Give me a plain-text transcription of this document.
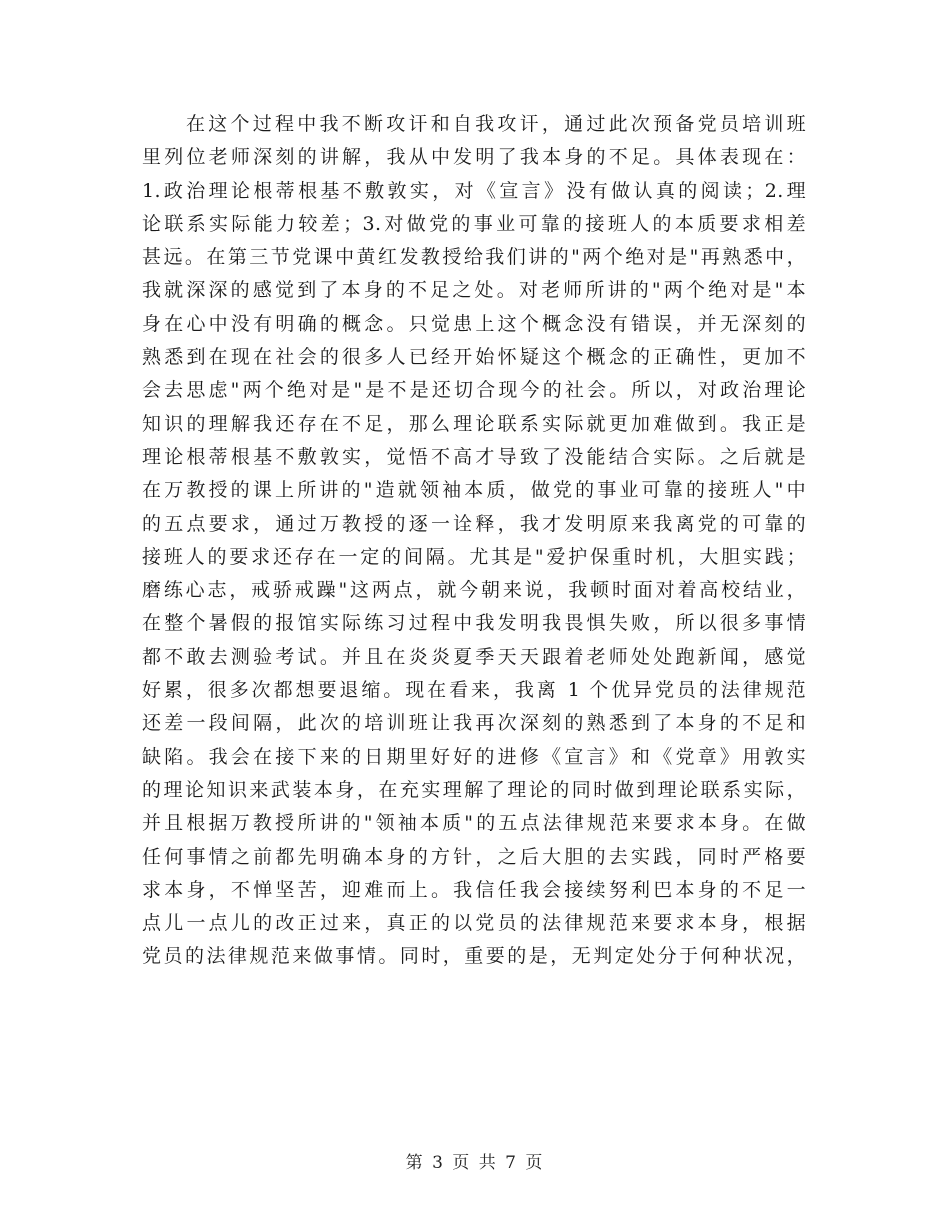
在这个过程中我不断攻讦和自我攻讦，通过此次预备党员培训班
里列位老师深刻的讲解，我从中发明了我本身的不足。具体表现在：
1.政治理论根蒂根基不敷敦实，对《宣言》没有做认真的阅读；2.理
论联系实际能力较差；3.对做党的事业可靠的接班人的本质要求相差
甚远。在第三节党课中黄红发教授给我们讲的"两个绝对是"再熟悉中，
我就深深的感觉到了本身的不足之处。对老师所讲的"两个绝对是"本
身在心中没有明确的概念。只觉患上这个概念没有错误，并无深刻的
熟悉到在现在社会的很多人已经开始怀疑这个概念的正确性，更加不
会去思虑"两个绝对是"是不是还切合现今的社会。所以，对政治理论
知识的理解我还存在不足，那么理论联系实际就更加难做到。我正是
理论根蒂根基不敷敦实，觉悟不高才导致了没能结合实际。之后就是
在万教授的课上所讲的"造就领袖本质，做党的事业可靠的接班人"中
的五点要求，通过万教授的逐一诠释，我才发明原来我离党的可靠的
接班人的要求还存在一定的间隔。尤其是"爱护保重时机，大胆实践；
磨练心志，戒骄戒躁"这两点，就今朝来说，我顿时面对着高校结业，
在整个暑假的报馆实际练习过程中我发明我畏惧失败，所以很多事情
都不敢去测验考试。并且在炎炎夏季天天跟着老师处处跑新闻，感觉
好累，很多次都想要退缩。现在看来，我离 1 个优异党员的法律规范
还差一段间隔，此次的培训班让我再次深刻的熟悉到了本身的不足和
缺陷。我会在接下来的日期里好好的进修《宣言》和《党章》用敦实
的理论知识来武装本身，在充实理解了理论的同时做到理论联系实际，
并且根据万教授所讲的"领袖本质"的五点法律规范来要求本身。在做
任何事情之前都先明确本身的方针，之后大胆的去实践，同时严格要
求本身，不惮坚苦，迎难而上。我信任我会接续努利巴本身的不足一
点儿一点儿的改正过来，真正的以党员的法律规范来要求本身，根据
党员的法律规范来做事情。同时，重要的是，无判定处分于何种状况，
第 3 页 共 7 页
